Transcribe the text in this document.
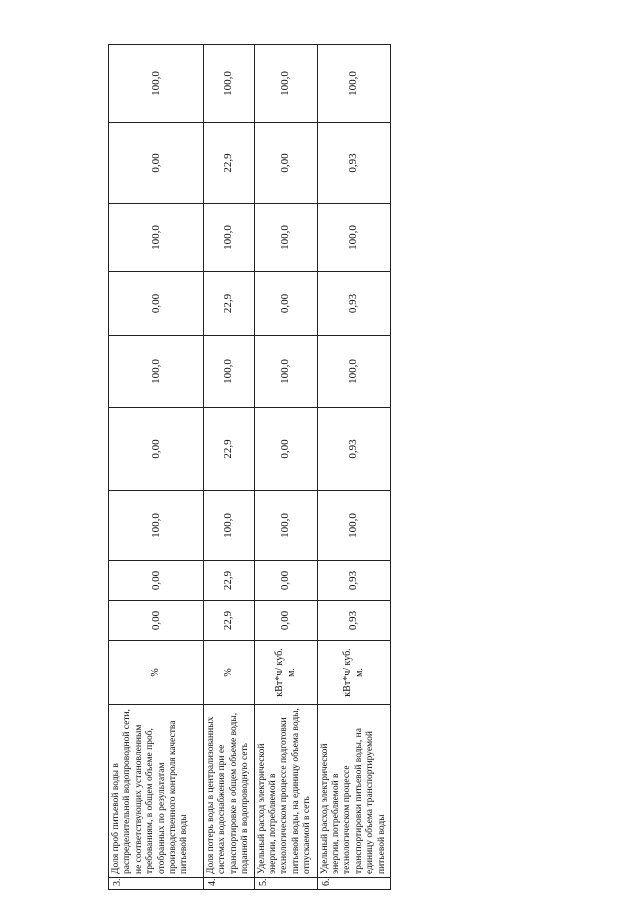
3.	Доля проб питьевой воды в распределительной водопроводной сети, не соответствующих установленным требованиям, в общем объеме проб, отобранных по результатам производственного контроля качества питьевой воды	%	0,00	0,00	100,0	0,00	100,0	0,00	100,0	0,00	100,0
4.	Доля потерь воды в централизованных системах водоснабжения при ее транспортировке в общем объеме воды, поданной в водопроводную сеть	%	22,9	22,9	100,0	22,9	100,0	22,9	100,0	22,9	100,0
5.	Удельный расход электрической энергии, потребляемой в технологическом процессе подготовки питьевой воды, на единицу объема воды, отпускаемой в сеть	кВт*ч/ куб. м.	0,00	0,00	100,0	0,00	100,0	0,00	100,0	0,00	100,0
6.	Удельный расход электрической энергии, потребляемой в технологическом процессе транспортировки питьевой воды, на единицу объема транспортируемой питьевой воды	кВт*ч/ куб. м.	0,93	0,93	100,0	0,93	100,0	0,93	100,0	0,93	100,0
